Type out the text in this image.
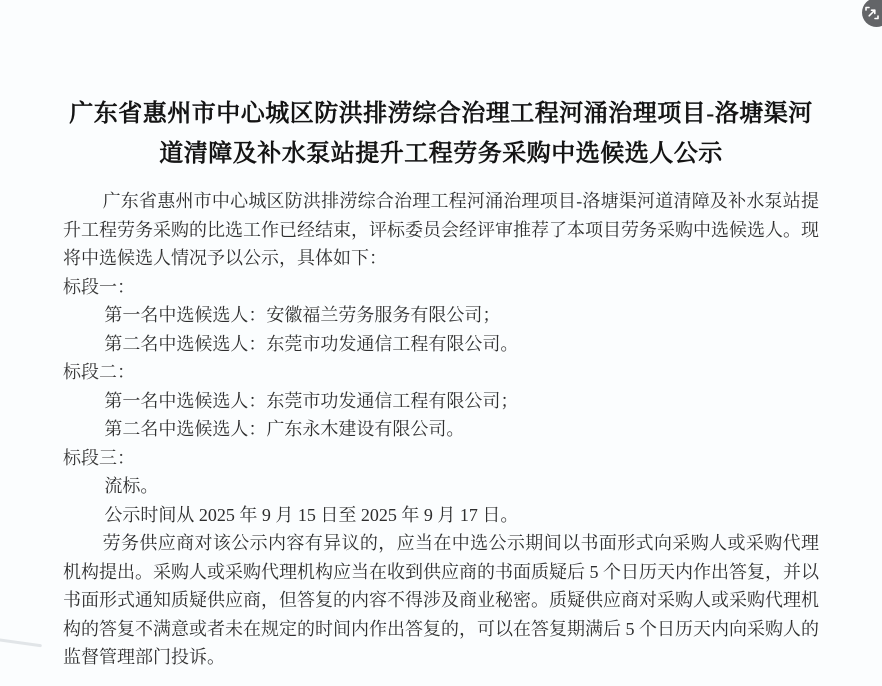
广东省惠州市中心城区防洪排涝综合治理工程河涌治理项目-洛塘渠河道清障及补水泵站提升工程劳务采购中选候选人公示

广东省惠州市中心城区防洪排涝综合治理工程河涌治理项目-洛塘渠河道清障及补水泵站提升工程劳务采购的比选工作已经结束，评标委员会经评审推荐了本项目劳务采购中选候选人。现将中选候选人情况予以公示，具体如下：

标段一：
第一名中选候选人：安徽福兰劳务服务有限公司；
第二名中选候选人：东莞市功发通信工程有限公司。
标段二：
第一名中选候选人：东莞市功发通信工程有限公司；
第二名中选候选人：广东永木建设有限公司。
标段三：
流标。
公示时间从 2025 年 9 月 15 日至 2025 年 9 月 17 日。

劳务供应商对该公示内容有异议的，应当在中选公示期间以书面形式向采购人或采购代理机构提出。采购人或采购代理机构应当在收到供应商的书面质疑后 5 个日历天内作出答复，并以书面形式通知质疑供应商，但答复的内容不得涉及商业秘密。质疑供应商对采购人或采购代理机构的答复不满意或者未在规定的时间内作出答复的，可以在答复期满后 5 个日历天内向采购人的监督管理部门投诉。
